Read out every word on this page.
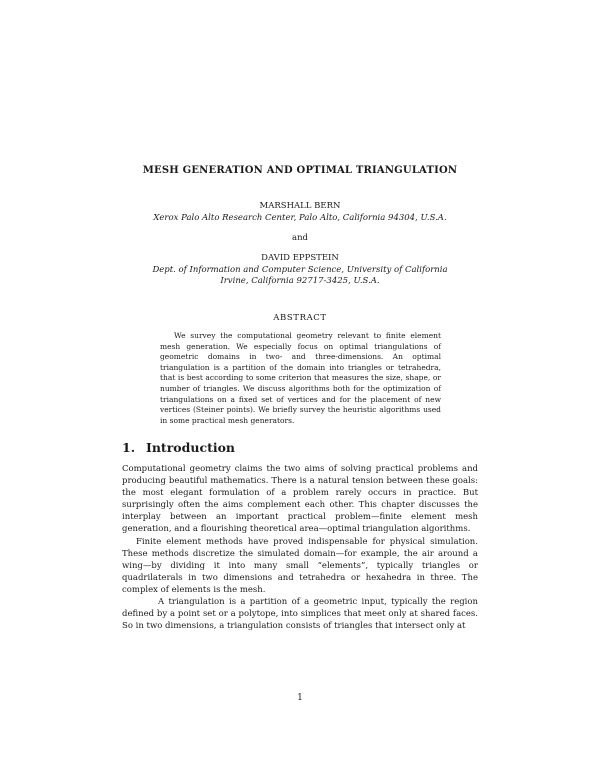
MESH GENERATION AND OPTIMAL TRIANGULATION
MARSHALL BERN
Xerox Palo Alto Research Center, Palo Alto, California 94304, U.S.A.
and
DAVID EPPSTEIN
Dept. of Information and Computer Science, University of California
Irvine, California 92717-3425, U.S.A.
ABSTRACT
We survey the computational geometry relevant to finite element mesh generation. We especially focus on optimal triangulations of geometric domains in two- and three-dimensions. An optimal triangulation is a partition of the domain into triangles or tetrahedra, that is best according to some criterion that measures the size, shape, or number of triangles. We discuss algorithms both for the optimization of triangulations on a fixed set of vertices and for the placement of new vertices (Steiner points). We briefly survey the heuristic algorithms used in some practical mesh generators.
1. Introduction

Computational geometry claims the two aims of solving practical problems and producing beautiful mathematics. There is a natural tension between these goals: the most elegant formulation of a problem rarely occurs in practice. But surprisingly often the aims complement each other. This chapter discusses the interplay between an important practical problem—finite element mesh generation, and a flourishing theoretical area—optimal triangulation algorithms.

Finite element methods have proved indispensable for physical simulation. These methods discretize the simulated domain—for example, the air around a wing—by dividing it into many small “elements”, typically triangles or quadrilaterals in two dimensions and tetrahedra or hexahedra in three. The complex of elements is the mesh.

A triangulation is a partition of a geometric input, typically the region defined by a point set or a polytope, into simplices that meet only at shared faces. So in two dimensions, a triangulation consists of triangles that intersect only at

1
